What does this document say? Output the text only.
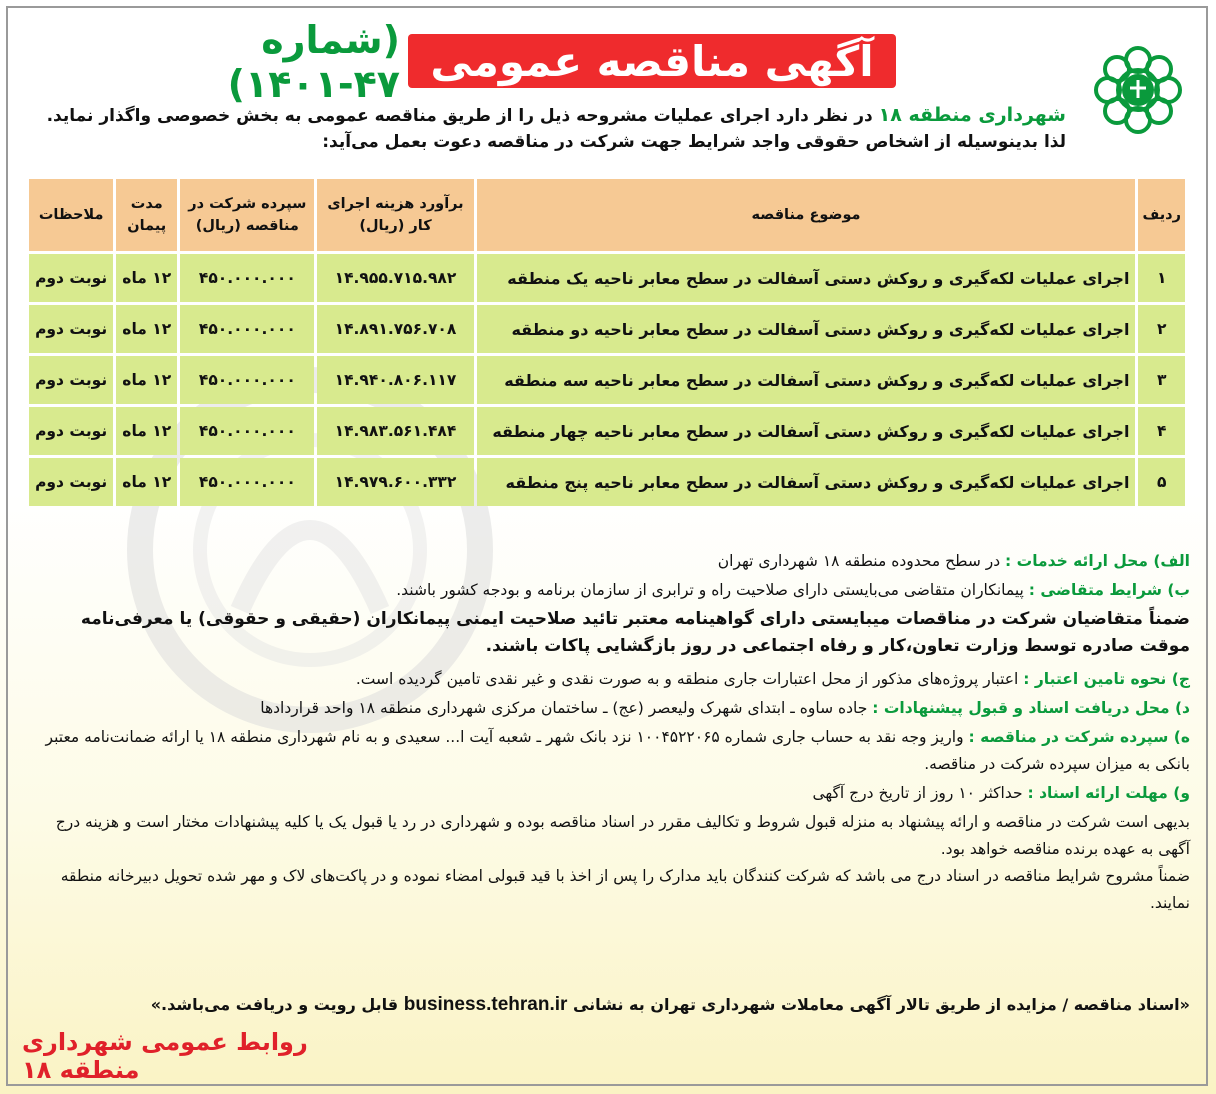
آگهی مناقصه عمومی
(شماره ۴۷-۱۴۰۱)
شهرداری منطقه ۱۸ در نظر دارد اجرای عملیات مشروحه ذیل را از طریق مناقصه عمومی به بخش خصوصی واگذار نماید.
لذا بدینوسیله از اشخاص حقوقی واجد شرایط جهت شرکت در مناقصه دعوت بعمل می‌آید:
ردیف	موضوع مناقصه	برآورد هزینه اجرای کار (ریال)	سپرده شرکت در مناقصه (ریال)	مدت پیمان	ملاحظات
۱	اجرای عملیات لکه‌گیری و روکش دستی آسفالت در سطح معابر ناحیه یک منطقه	۱۴.۹۵۵.۷۱۵.۹۸۲	۴۵۰.۰۰۰.۰۰۰	۱۲ ماه	نوبت دوم
۲	اجرای عملیات لکه‌گیری و روکش دستی آسفالت در سطح معابر ناحیه دو منطقه	۱۴.۸۹۱.۷۵۶.۷۰۸	۴۵۰.۰۰۰.۰۰۰	۱۲ ماه	نوبت دوم
۳	اجرای عملیات لکه‌گیری و روکش دستی آسفالت در سطح معابر ناحیه سه منطقه	۱۴.۹۴۰.۸۰۶.۱۱۷	۴۵۰.۰۰۰.۰۰۰	۱۲ ماه	نوبت دوم
۴	اجرای عملیات لکه‌گیری و روکش دستی آسفالت در سطح معابر ناحیه چهار منطقه	۱۴.۹۸۳.۵۶۱.۴۸۴	۴۵۰.۰۰۰.۰۰۰	۱۲ ماه	نوبت دوم
۵	اجرای عملیات لکه‌گیری و روکش دستی آسفالت در سطح معابر ناحیه پنج منطقه	۱۴.۹۷۹.۶۰۰.۳۳۲	۴۵۰.۰۰۰.۰۰۰	۱۲ ماه	نوبت دوم

الف) محل ارائه خدمات : در سطح محدوده منطقه ۱۸ شهرداری تهران

ب) شرایط متقاضی : پیمانکاران متقاضی می‌بایستی دارای صلاحیت راه و ترابری از سازمان برنامه و بودجه کشور باشند.

ضمناً متقاضیان شرکت در مناقصات میبایستی دارای گواهینامه معتبر تائید صلاحیت ایمنی پیمانکاران (حقیقی و حقوقی) یا معرفی‌نامه موقت صادره توسط وزارت تعاون،کار و رفاه اجتماعی در روز بازگشایی پاکات باشند.

ج) نحوه تامین اعتبار : اعتبار پروژه‌های مذکور از محل اعتبارات جاری منطقه و به صورت نقدی و غیر نقدی تامین گردیده است.

د) محل دریافت اسناد و قبول پیشنهادات : جاده ساوه ـ ابتدای شهرک ولیعصر (عج) ـ ساختمان مرکزی شهرداری منطقه ۱۸ واحد قراردادها

ه) سپرده شرکت در مناقصه : واریز وجه نقد به حساب جاری شماره ۱۰۰۴۵۲۲۰۶۵ نزد بانک شهر ـ شعبه آیت ا... سعیدی و به نام شهرداری منطقه ۱۸ یا ارائه ضمانت‌نامه معتبر بانکی به میزان سپرده شرکت در مناقصه.

و) مهلت ارائه اسناد : حداکثر ۱۰ روز از تاریخ درج آگهی

بدیهی است شرکت در مناقصه و ارائه پیشنهاد به منزله قبول شروط و تکالیف مقرر در اسناد مناقصه بوده و شهرداری در رد یا قبول یک یا کلیه پیشنهادات مختار است و هزینه درج آگهی به عهده برنده مناقصه خواهد بود.

ضمناً مشروح شرایط مناقصه در اسناد درج می باشد که شرکت کنندگان باید مدارک را پس از اخذ با قید قبولی امضاء نموده و در پاکت‌های لاک و مهر شده تحویل دبیرخانه منطقه نمایند.

«اسناد مناقصه / مزایده از طریق تالار آگهی معاملات شهرداری تهران به نشانی business.tehran.ir قابل رویت و دریافت می‌باشد.»
روابط عمومی شهرداری منطقه ۱۸
